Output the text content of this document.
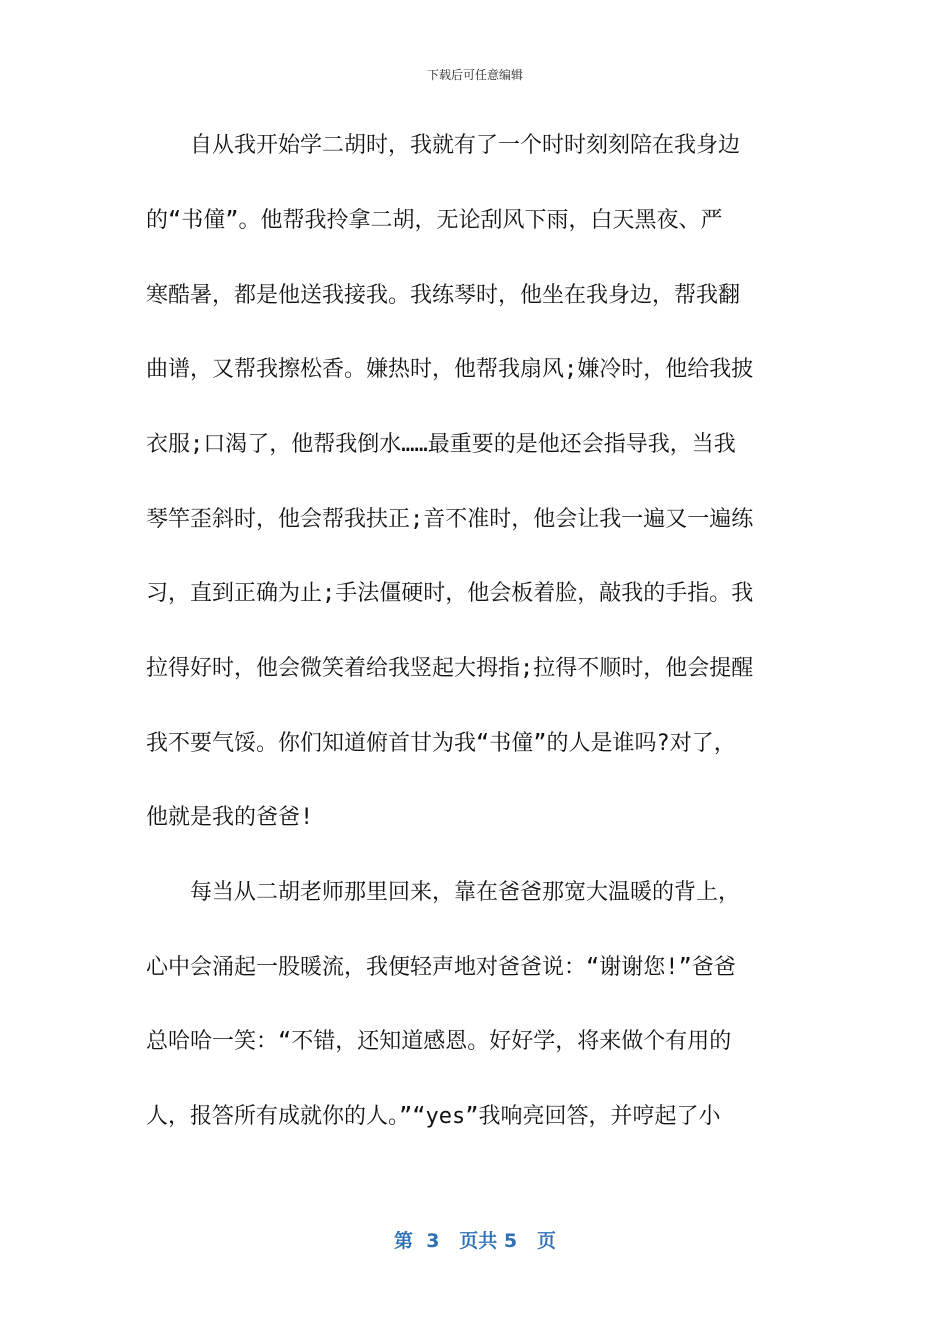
下载后可任意编辑
　　自从我开始学二胡时，我就有了一个时时刻刻陪在我身边
的“书僮”。他帮我拎拿二胡，无论刮风下雨，白天黑夜、严
寒酷暑，都是他送我接我。我练琴时，他坐在我身边，帮我翻
曲谱，又帮我擦松香。嫌热时，他帮我扇风;嫌冷时，他给我披
衣服;口渴了，他帮我倒水……最重要的是他还会指导我，当我
琴竿歪斜时，他会帮我扶正;音不准时，他会让我一遍又一遍练
习，直到正确为止;手法僵硬时，他会板着脸，敲我的手指。我
拉得好时，他会微笑着给我竖起大拇指;拉得不顺时，他会提醒
我不要气馁。你们知道俯首甘为我“书僮”的人是谁吗?对了，
他就是我的爸爸!
　　每当从二胡老师那里回来，靠在爸爸那宽大温暖的背上，
心中会涌起一股暖流，我便轻声地对爸爸说：“谢谢您!”爸爸
总哈哈一笑：“不错，还知道感恩。好好学，将来做个有用的
人，报答所有成就你的人。”“yes”我响亮回答，并哼起了小
第  3   页共 5   页
